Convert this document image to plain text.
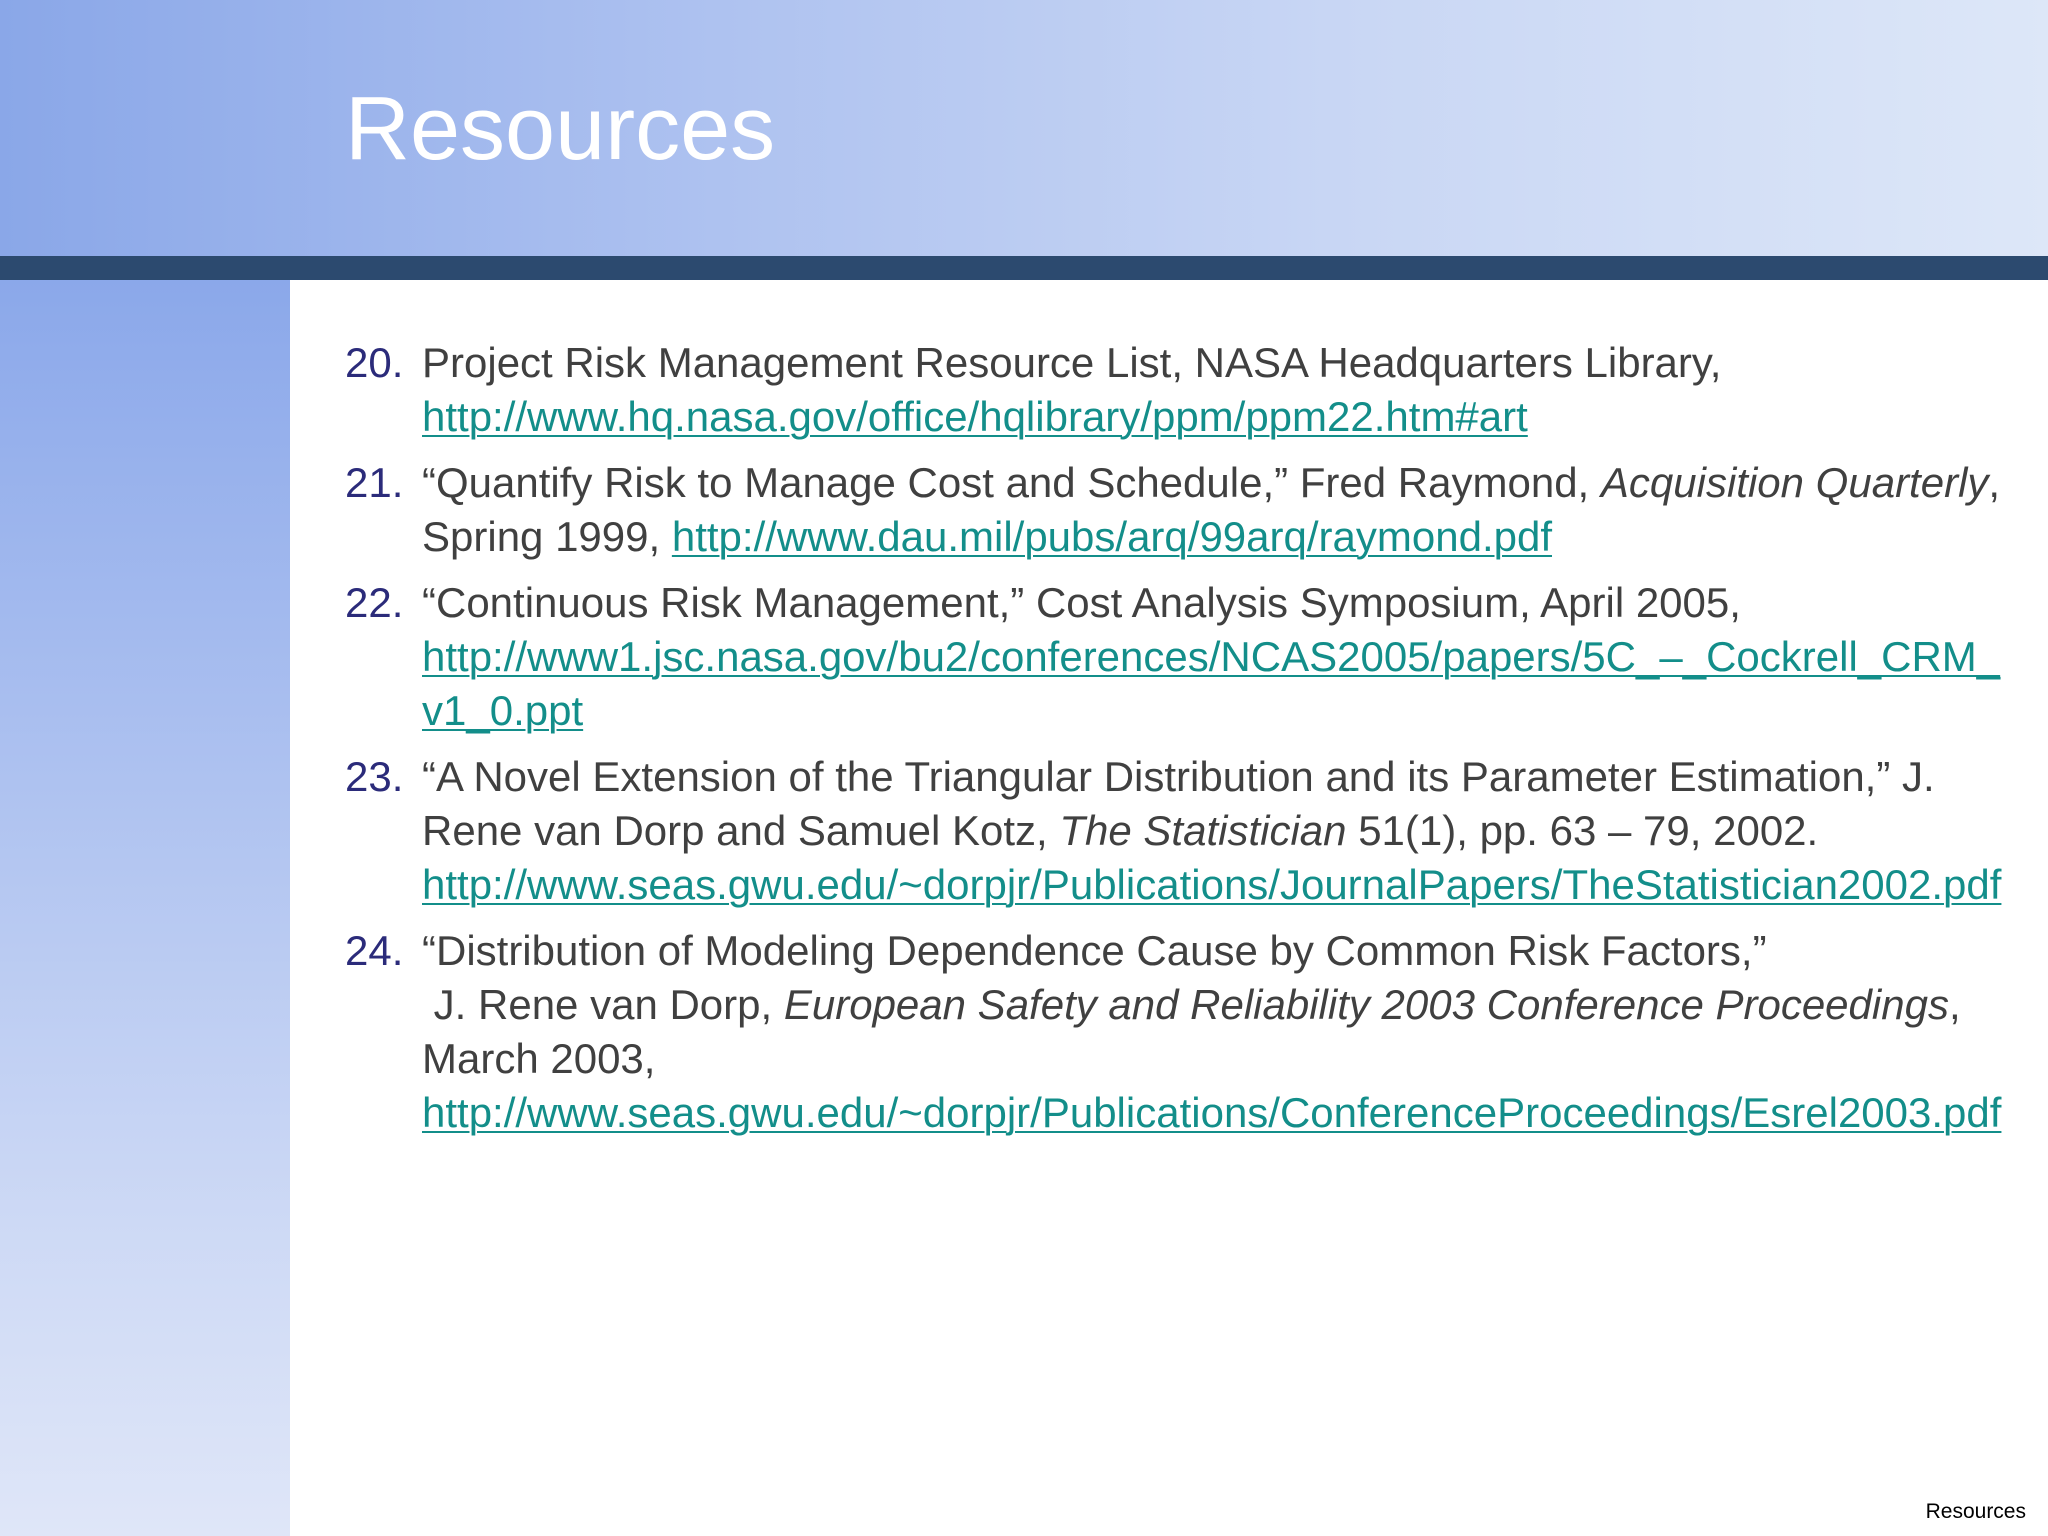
Resources
20. Project Risk Management Resource List, NASA Headquarters Library,
http://www.hq.nasa.gov/office/hqlibrary/ppm/ppm22.htm#art
21. “Quantify Risk to Manage Cost and Schedule,” Fred Raymond, Acquisition Quarterly, Spring 1999, http://www.dau.mil/pubs/arq/99arq/raymond.pdf
22. “Continuous Risk Management,” Cost Analysis Symposium, April 2005,
http://www1.jsc.nasa.gov/bu2/conferences/NCAS2005/papers/5C_–_Cockrell_CRM_v1_0.ppt
23. “A Novel Extension of the Triangular Distribution and its Parameter Estimation,” J. Rene van Dorp and Samuel Kotz, The Statistician 51(1), pp. 63 – 79, 2002.
http://www.seas.gwu.edu/~dorpjr/Publications/JournalPapers/TheStatistician2002.pdf
24. “Distribution of Modeling Dependence Cause by Common Risk Factors,”
J. Rene van Dorp, European Safety and Reliability 2003 Conference Proceedings, March 2003,
http://www.seas.gwu.edu/~dorpjr/Publications/ConferenceProceedings/Esrel2003.pdf
Resources
